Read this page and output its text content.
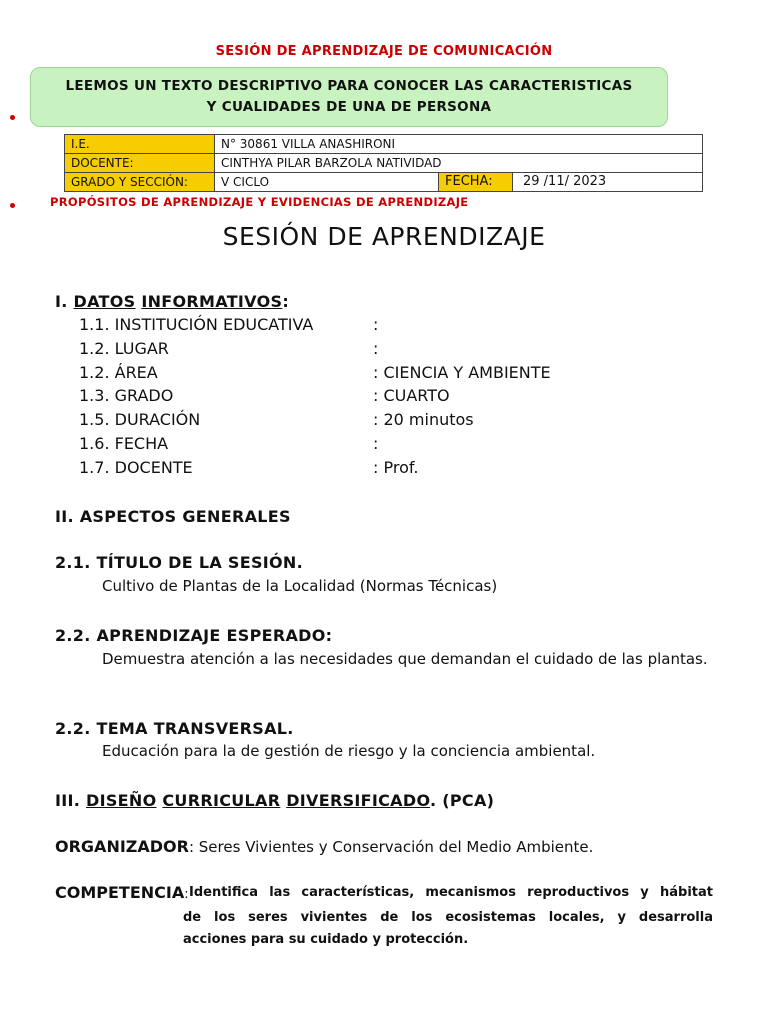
SESIÓN DE APRENDIZAJE DE COMUNICACIÓN
LEEMOS UN TEXTO DESCRIPTIVO PARA CONOCER LAS CARACTERISTICAS
Y CUALIDADES DE UNA DE PERSONA
I.E.	N° 30861 VILLA ANASHIRONI		
DOCENTE:	CINTHYA PILAR BARZOLA NATIVIDAD		
GRADO Y SECCIÓN:	V CICLO	FECHA:	29 /11/ 2023
PROPÓSITOS DE APRENDIZAJE Y EVIDENCIAS DE APRENDIZAJE
SESIÓN DE APRENDIZAJE
I. DATOS INFORMATIVOS:
1.1. INSTITUCIÓN EDUCATIVA	:
1.2. LUGAR	:
1.2. ÁREA	: CIENCIA Y AMBIENTE
1.3. GRADO	: CUARTO
1.5. DURACIÓN	: 20 minutos
1.6. FECHA	:
1.7. DOCENTE	: Prof.
II. ASPECTOS GENERALES
2.1. TÍTULO DE LA SESIÓN.
Cultivo de Plantas de la Localidad (Normas Técnicas)
2.2. APRENDIZAJE ESPERADO:
Demuestra atención a las necesidades que demandan el cuidado de las plantas.
2.2. TEMA TRANSVERSAL.
Educación para la de gestión de riesgo y la conciencia ambiental.
III. DISEÑO CURRICULAR DIVERSIFICADO. (PCA)
ORGANIZADOR: Seres Vivientes y Conservación del Medio Ambiente.
COMPETENCIA: Identifica las características, mecanismos reproductivos y hábitat
de los seres vivientes de los ecosistemas locales, y desarrolla
acciones para su cuidado y protección.
